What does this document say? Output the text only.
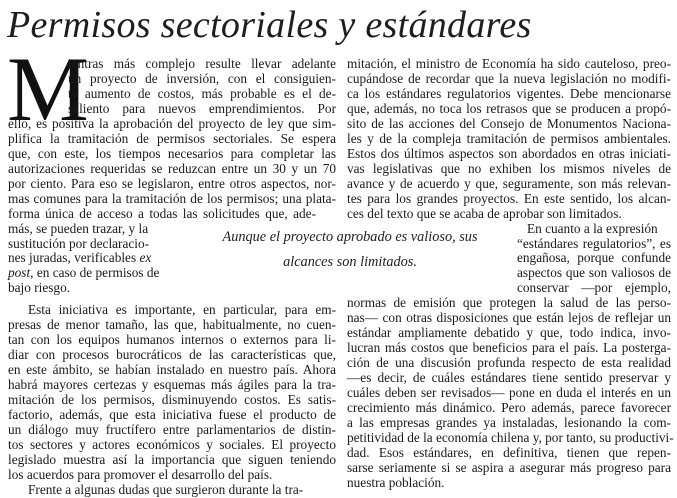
Permisos sectoriales y estándares
M
ientras más complejo resulte llevar adelante
un proyecto de inversión, con el consiguien-
te aumento de costos, más probable es el de-
saliento para nuevos emprendimientos. Por
ello, es positiva la aprobación del proyecto de ley que sim-
plifica la tramitación de permisos sectoriales. Se espera
que, con este, los tiempos necesarios para completar las
autorizaciones requeridas se reduzcan entre un 30 y un 70
por ciento. Para eso se legislaron, entre otros aspectos, nor-
mas comunes para la tramitación de los permisos; una plata-
forma única de acceso a todas las solicitudes que, ade-
más, se pueden trazar, y la
sustitución por declaracio-
nes juradas, verificables ex
post, en caso de permisos de
bajo riesgo.
Esta iniciativa es importante, en particular, para em-
presas de menor tamaño, las que, habitualmente, no cuen-
tan con los equipos humanos internos o externos para li-
diar con procesos burocráticos de las características que,
en este ámbito, se habían instalado en nuestro país. Ahora
habrá mayores certezas y esquemas más ágiles para la tra-
mitación de los permisos, disminuyendo costos. Es satis-
factorio, además, que esta iniciativa fuese el producto de
un diálogo muy fructífero entre parlamentarios de distin-
tos sectores y actores económicos y sociales. El proyecto
legislado muestra así la importancia que siguen teniendo
los acuerdos para promover el desarrollo del país.
Frente a algunas dudas que surgieron durante la tra-
mitación, el ministro de Economía ha sido cauteloso, preo-
cupándose de recordar que la nueva legislación no modifi-
ca los estándares regulatorios vigentes. Debe mencionarse
que, además, no toca los retrasos que se producen a propó-
sito de las acciones del Consejo de Monumentos Naciona-
les y de la compleja tramitación de permisos ambientales.
Estos dos últimos aspectos son abordados en otras iniciati-
vas legislativas que no exhiben los mismos niveles de
avance y de acuerdo y que, seguramente, son más relevan-
tes para los grandes proyectos. En este sentido, los alcan-
ces del texto que se acaba de aprobar son limitados.
En cuanto a la expresión
“estándares regulatorios”, es
engañosa, porque confunde
aspectos que son valiosos de
conservar —por ejemplo,
normas de emisión que protegen la salud de las perso-
nas— con otras disposiciones que están lejos de reflejar un
estándar ampliamente debatido y que, todo indica, invo-
lucran más costos que beneficios para el país. La posterga-
ción de una discusión profunda respecto de esta realidad
—es decir, de cuáles estándares tiene sentido preservar y
cuáles deben ser revisados— pone en duda el interés en un
crecimiento más dinámico. Pero además, parece favorecer
a las empresas grandes ya instaladas, lesionando la com-
petitividad de la economía chilena y, por tanto, su productivi-
dad. Esos estándares, en definitiva, tienen que repen-
sarse seriamente si se aspira a asegurar más progreso para
nuestra población.
Aunque el proyecto aprobado es valioso, sus
alcances son limitados.
